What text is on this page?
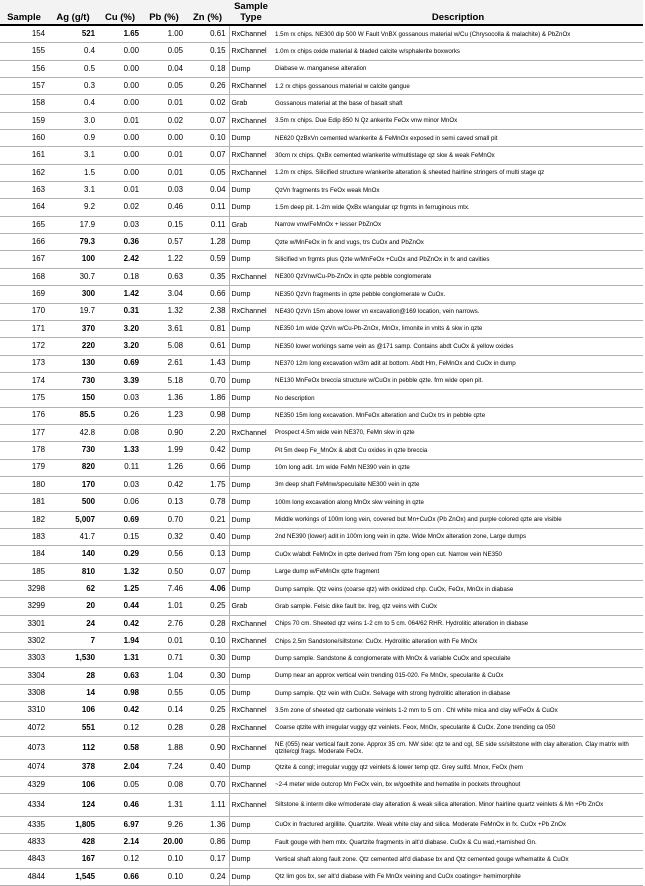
Sample	Ag (g/t)	Cu (%)	Pb (%)	Zn (%)	Sample Type	Description
154	521	1.65	1.00	0.61	RxChannel	1.5m rx chips. NE300 dip 500 W Fault VnBX gossanous material w/Cu (Chrysocolla & malachite) & PbZnOx
155	0.4	0.00	0.05	0.15	RxChannel	1.0m rx chips oxide material & bladed calcite w/sphalerite boxworks
156	0.5	0.00	0.04	0.18	Dump	Diabase w. manganese alteration
157	0.3	0.00	0.05	0.26	RxChannel	1.2 rx chips gossanous material w calcite gangue
158	0.4	0.00	0.01	0.02	Grab	Gossanous material at the base of basalt shaft
159	3.0	0.01	0.02	0.07	RxChannel	3.5m rx chips. Due Edip 850 N Qz ankerite FeOx vnw minor MnOx
160	0.9	0.00	0.00	0.10	Dump	NE620 QzBxVn cemented w/ankerite & FeMnOx exposed in semi caved small pit
161	3.1	0.00	0.01	0.07	RxChannel	30cm rx chips. QxBx cemented w/ankerite w/multistage qz skw & weak FeMnOx
162	1.5	0.00	0.01	0.05	RxChannel	1.2m rx chips. Silicified structure w/ankerite alteration & sheeted hairline stringers of multi stage qz
163	3.1	0.01	0.03	0.04	Dump	QzVn fragments trs FeOx weak MnOx
164	9.2	0.02	0.46	0.11	Dump	1.5m deep pit. 1-2m wide QxBx w/angular qz frgmts in ferruginous mtx.
165	17.9	0.03	0.15	0.11	Grab	Narrow vnw/FeMnOx + lesser PbZnOx
166	79.3	0.36	0.57	1.28	Dump	Qzte w/MnFeOx in fx and vugs, trs CuOx and PbZnOx
167	100	2.42	1.22	0.59	Dump	Silicified vn frgmts plus Qzte w/MnFeOx +CuOx and PbZnOx in fx and cavities
168	30.7	0.18	0.63	0.35	RxChannel	NE300 QzVnw/Cu-Pb-ZnOx in qzte pebble conglomerate
169	300	1.42	3.04	0.66	Dump	NE350 QzVn fragments in qzte pebble conglomerate w CuOx.
170	19.7	0.31	1.32	2.38	RxChannel	NE430 QzVn 15m above lower vn excavation@169 location, vein narrows.
171	370	3.20	3.61	0.81	Dump	NE350 1m wide QzVn w/Cu-Pb-ZnOx, MnOx, limonite in vnlts & skw in qzte
172	220	3.20	5.08	0.61	Dump	NE350 lower workings same vein as @171 samp. Contains abdt CuOx & yellow oxides
173	130	0.69	2.61	1.43	Dump	NE370 12m long excavation w/3m adit at bottom. Abdt Hm, FeMnOx and CuOx in dump
174	730	3.39	5.18	0.70	Dump	NE130 MnFeOx breccia structure w/CuOx in pebble qzte. frm wide open pit.
175	150	0.03	1.36	1.86	Dump	No description
176	85.5	0.26	1.23	0.98	Dump	NE350 15m long excavation. MnFeOx alteration and CuOx trs in pebble qzte
177	42.8	0.08	0.90	2.20	RxChannel	Prospect 4.5m wide vein NE370, FeMn skw in qzte
178	730	1.33	1.99	0.42	Dump	Pit 5m deep Fe_MnOx & abdt Cu oxides in qzte breccia
179	820	0.11	1.26	0.66	Dump	10m long adit. 1m wide FeMn NE390 vein in qzte
180	170	0.03	0.42	1.75	Dump	3m deep shaft FeMnw/speculaite NE300 vein in qzte
181	500	0.06	0.13	0.78	Dump	100m long excavation along MnOx skw veining in qzte
182	5,007	0.69	0.70	0.21	Dump	Middle workings of 100m long vein, covered but Mn+CuOx (Pb ZnOx) and purple colored qzte are visible
183	41.7	0.15	0.32	0.40	Dump	2nd NE390 (lower) adit in 100m long vein in qzte. Wide MnOx alteration zone, Large dumps
184	140	0.29	0.56	0.13	Dump	CuOx w/abdt FeMnOx in qzte derived from 75m long open cut. Narrow vein NE350
185	810	1.32	0.50	0.07	Dump	Large dump w/FeMnOx qzte fragment
3298	62	1.25	7.46	4.06	Dump	Dump sample. Qtz veins (coarse qtz) with oxidized chp. CuOx, FeOx, MnOx in diabase
3299	20	0.44	1.01	0.25	Grab	Grab sample. Felsic dike fault bx. Ireg, qtz veins with CuOx
3301	24	0.42	2.76	0.28	RxChannel	Chips 70 cm. Sheeted qtz veins 1-2 cm to 5 cm. 064/62 RHR. Hydrolitic alteration in diabase
3302	7	1.94	0.01	0.10	RxChannel	Chips 2.5m Sandstone/siltstone: CuOx. Hydrolitic alteration with Fe MnOx
3303	1,530	1.31	0.71	0.30	Dump	Dump sample. Sandstone & conglomerate with MnOx & variable CuOx and speculaite
3304	28	0.63	1.04	0.30	Dump	Dump near an approx vertical vein trending 015-020. Fe MnOx, specularite & CuOx
3308	14	0.98	0.55	0.05	Dump	Dump sample. Qtz vein with CuOx. Selvage with strong hydrolitic alteration in diabase
3310	106	0.42	0.14	0.25	RxChannel	3.5m zone of sheeted qtz carbonate veinlets 1-2 mm to 5 cm . Chl white mica and clay w/FeOx & CuOx
4072	551	0.12	0.28	0.28	RxChannel	Coarse qtzite with irregular vuggy qtz veinlets. Feox, MnOx, specularite & CuOx. Zone trending ca 050
4073	112	0.58	1.88	0.90	RxChannel	NE (055) near vertical fault zone. Approx 35 cm. NW side: qtz te and cgl, SE side ss/siltstone with clay alteration. Clay matrix with qtzite/cgl frags. Moderate FeOx.
4074	378	2.04	7.24	0.40	Dump	Qtzite & congl; irregular vuggy qtz veinlets & lower temp qtz. Grey sulfd. Mnox, FeOx (hem
4329	106	0.05	0.08	0.70	RxChannel	~2-4 meter wide outcrop Mn FeOx vein, bx w/goethite and hematite in pockets throughout
4334	124	0.46	1.31	1.11	RxChannel	Siltstone & interm dike w/moderate clay alteration & weak silica alteration. Minor hairline quartz veinlets & Mn +Pb ZnOx
4335	1,805	6.97	9.26	1.36	Dump	CuOx in fractured argillite. Quartzite. Weak white clay and silica. Moderate FeMnOx in fx. CuOx +Pb ZnOx
4833	428	2.14	20.00	0.86	Dump	Fault gouge with hem mtx. Quartzite fragments in alt'd diabase. CuOx & Cu wad,+tarnished Gn.
4843	167	0.12	0.10	0.17	Dump	Vertical shaft along fault zone. Qtz cemented alt'd diabase bx and Qtz cemented gouge w/hematite & CuOx
4844	1,545	0.66	0.10	0.24	Dump	Qtz lim gos bx, ser alt'd diabase with Fe MnOx veining and CuOx coatings+ hemimorphite
